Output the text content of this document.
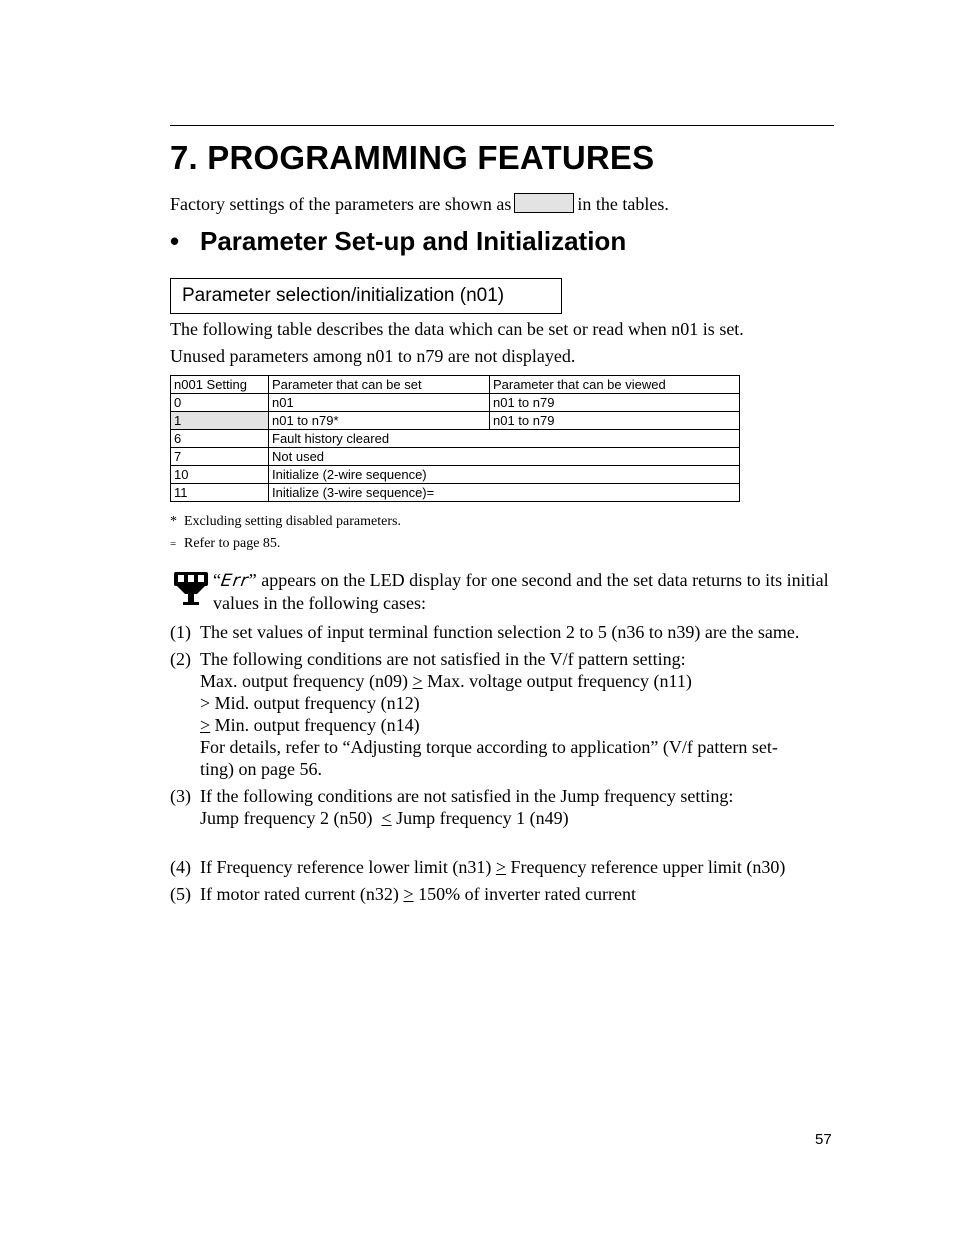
7. PROGRAMMING FEATURES
Factory settings of the parameters are shown as	in the tables.
• Parameter Set-up and Initialization
Parameter selection/initialization (n01)
The following table describes the data which can be set or read when n01 is set.
Unused parameters among n01 to n79 are not displayed.
n001 Setting	Parameter that can be set	Parameter that can be viewed
0	n01	n01 to n79
1	n01 to n79*	n01 to n79
6	Fault history cleared	
7	Not used	
10	Initialize (2-wire sequence)	
11	Initialize (3-wire sequence)=	
* Excluding setting disabled parameters.
= Refer to page 85.
“Err” appears on the LED display for one second and the set data returns to its initial values in the following cases:
(1) The set values of input terminal function selection 2 to 5 (n36 to n39) are the same.
(2) The following conditions are not satisfied in the V/f pattern setting:
Max. output frequency (n09) > Max. voltage output frequency (n11)
> Mid. output frequency (n12)
> Min. output frequency (n14)
For details, refer to “Adjusting torque according to application” (V/f pattern set-
ting) on page 56.
(3) If the following conditions are not satisfied in the Jump frequency setting:
Jump frequency 2 (n50)  < Jump frequency 1 (n49)
(4) If Frequency reference lower limit (n31) > Frequency reference upper limit (n30)
(5) If motor rated current (n32) > 150% of inverter rated current
57
